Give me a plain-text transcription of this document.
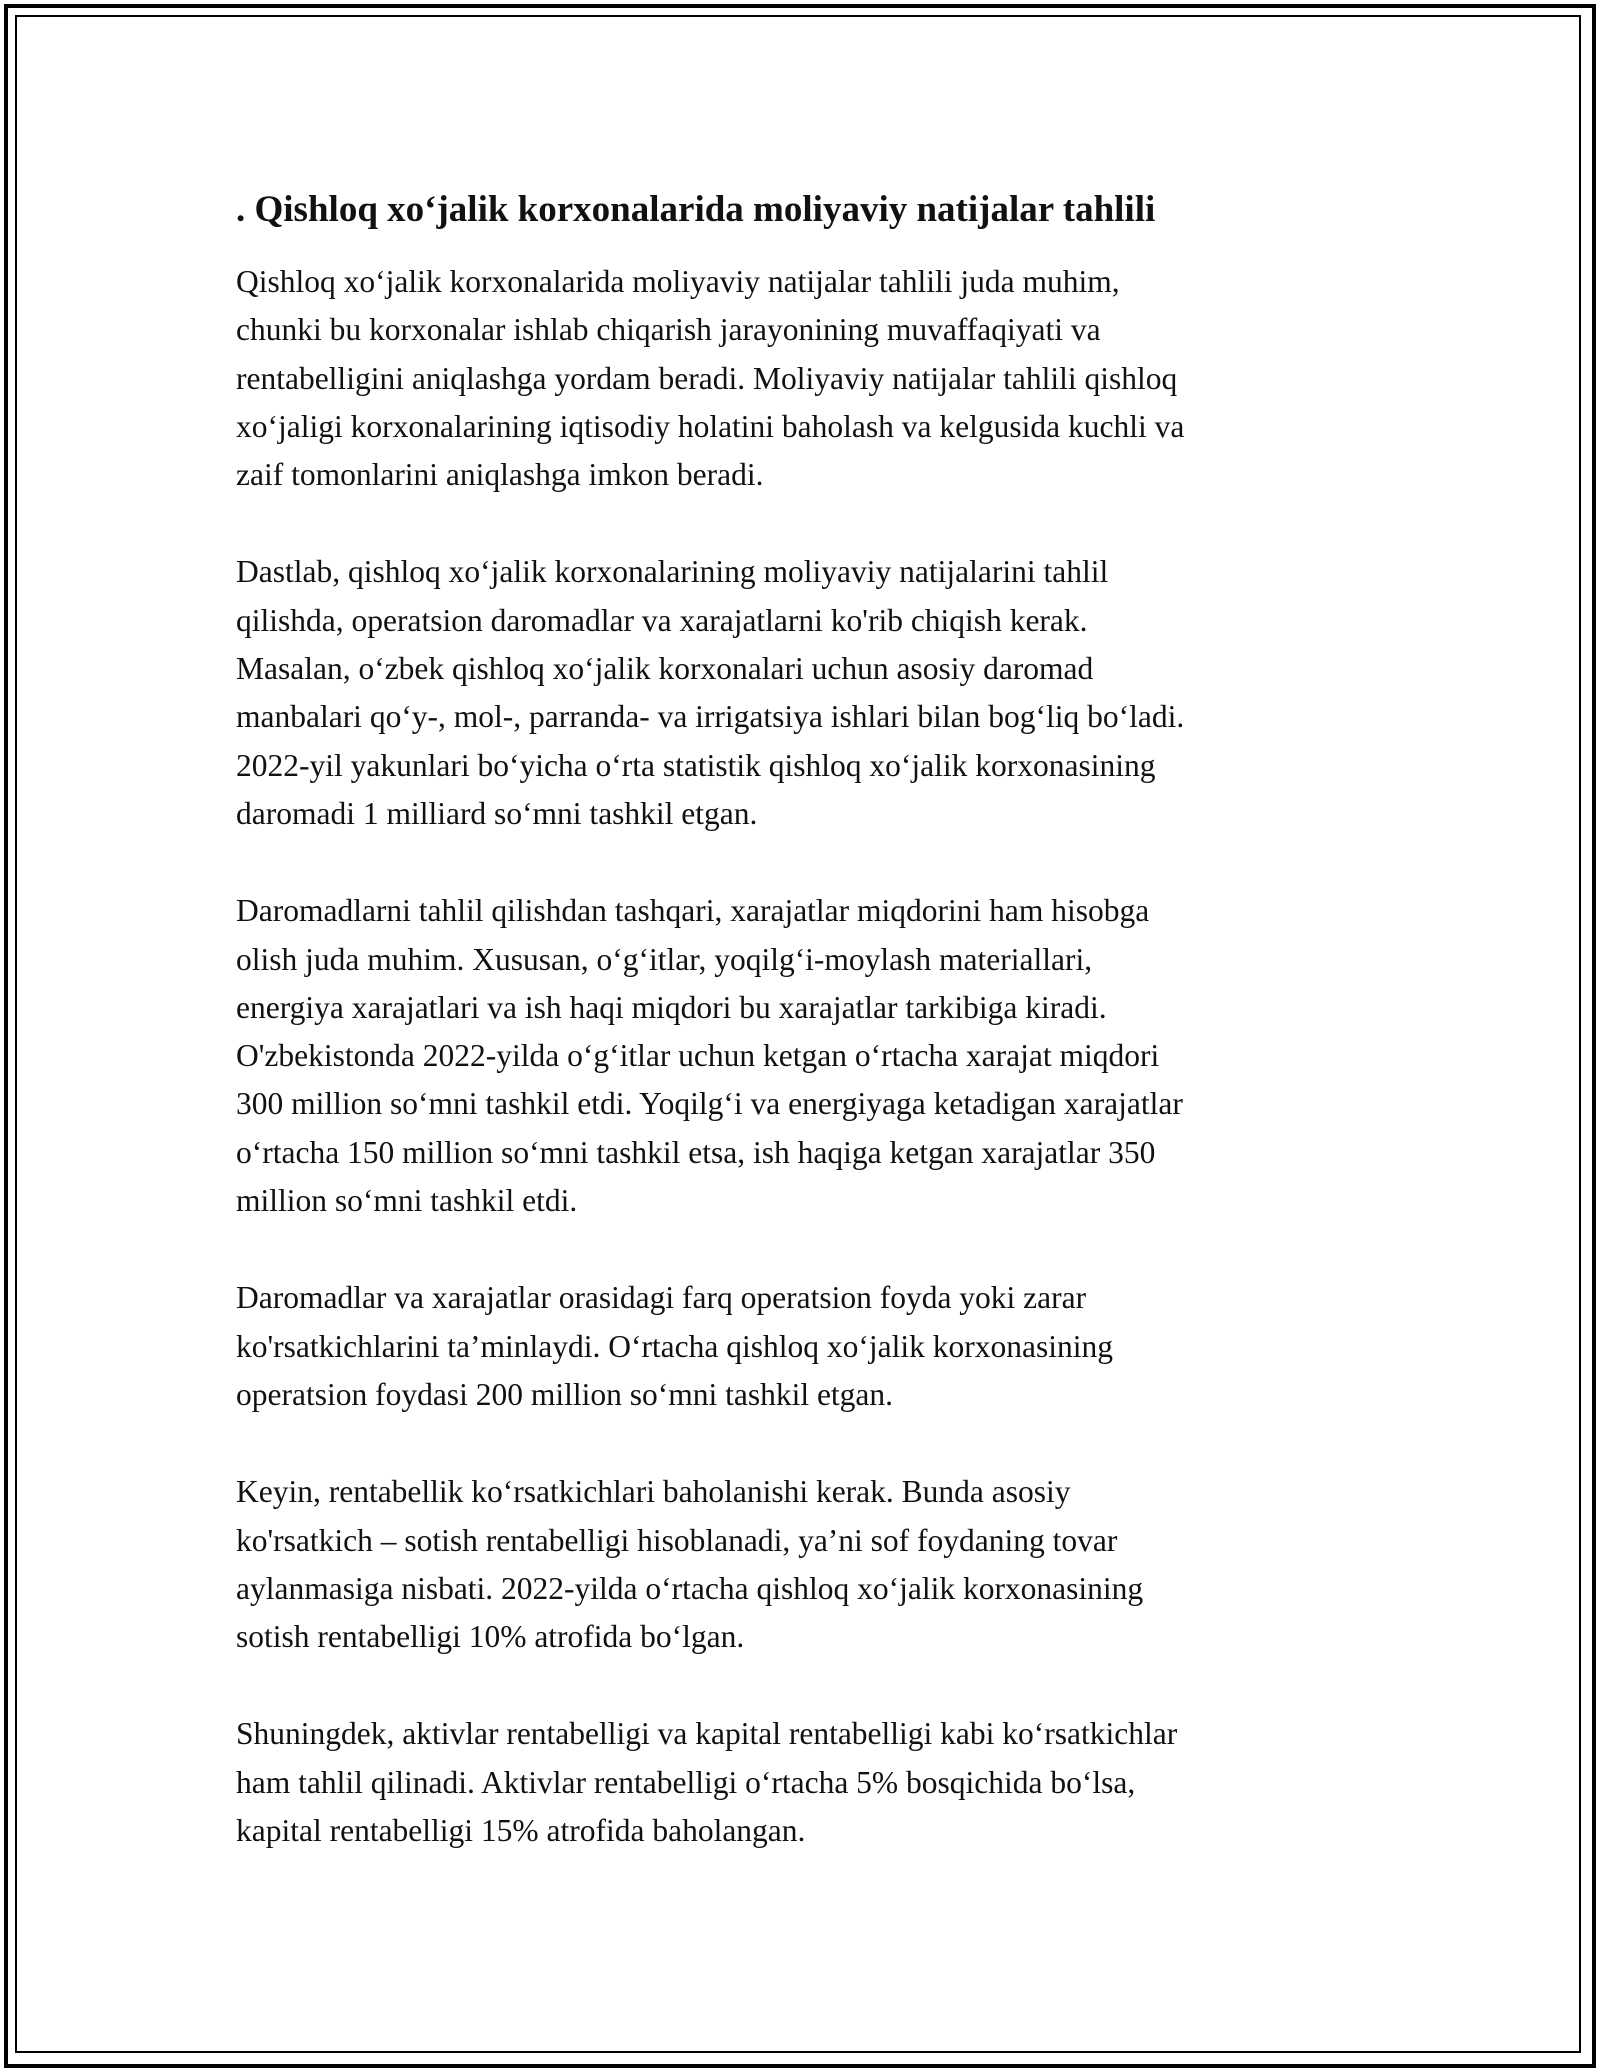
. Qishloq xo‘jalik korxonalarida moliyaviy natijalar tahlili

Qishloq xo‘jalik korxonalarida moliyaviy natijalar tahlili juda muhim,
chunki bu korxonalar ishlab chiqarish jarayonining muvaffaqiyati va
rentabelligini aniqlashga yordam beradi. Moliyaviy natijalar tahlili qishloq
xo‘jaligi korxonalarining iqtisodiy holatini baholash va kelgusida kuchli va
zaif tomonlarini aniqlashga imkon beradi.

Dastlab, qishloq xo‘jalik korxonalarining moliyaviy natijalarini tahlil
qilishda, operatsion daromadlar va xarajatlarni ko'rib chiqish kerak.
Masalan, o‘zbek qishloq xo‘jalik korxonalari uchun asosiy daromad
manbalari qo‘y-, mol-, parranda- va irrigatsiya ishlari bilan bog‘liq bo‘ladi.
2022-yil yakunlari bo‘yicha o‘rta statistik qishloq xo‘jalik korxonasining
daromadi 1 milliard so‘mni tashkil etgan.

Daromadlarni tahlil qilishdan tashqari, xarajatlar miqdorini ham hisobga
olish juda muhim. Xususan, o‘g‘itlar, yoqilg‘i-moylash materiallari,
energiya xarajatlari va ish haqi miqdori bu xarajatlar tarkibiga kiradi.
O'zbekistonda 2022-yilda o‘g‘itlar uchun ketgan o‘rtacha xarajat miqdori
300 million so‘mni tashkil etdi. Yoqilg‘i va energiyaga ketadigan xarajatlar
o‘rtacha 150 million so‘mni tashkil etsa, ish haqiga ketgan xarajatlar 350
million so‘mni tashkil etdi.

Daromadlar va xarajatlar orasidagi farq operatsion foyda yoki zarar
ko'rsatkichlarini ta’minlaydi. O‘rtacha qishloq xo‘jalik korxonasining
operatsion foydasi 200 million so‘mni tashkil etgan.

Keyin, rentabellik ko‘rsatkichlari baholanishi kerak. Bunda asosiy
ko'rsatkich – sotish rentabelligi hisoblanadi, ya’ni sof foydaning tovar
aylanmasiga nisbati. 2022-yilda o‘rtacha qishloq xo‘jalik korxonasining
sotish rentabelligi 10% atrofida bo‘lgan.

Shuningdek, aktivlar rentabelligi va kapital rentabelligi kabi ko‘rsatkichlar
ham tahlil qilinadi. Aktivlar rentabelligi o‘rtacha 5% bosqichida bo‘lsa,
kapital rentabelligi 15% atrofida baholangan.
